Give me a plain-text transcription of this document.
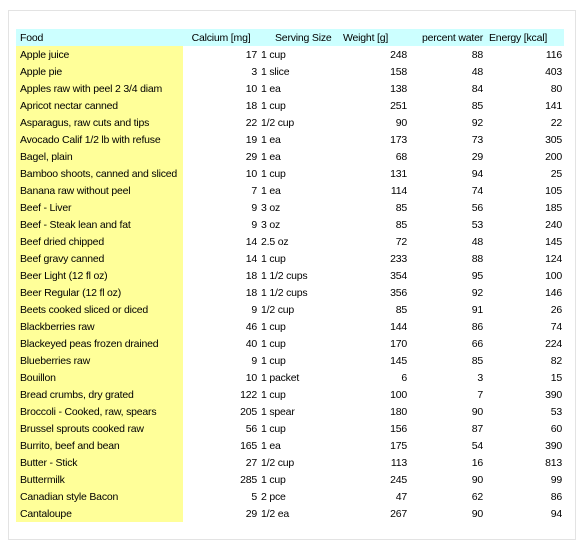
Food	Calcium [mg]	Serving Size	Weight [g]	percent water	Energy [kcal]
Apple juice	17	1 cup	248	88	116
Apple pie	3	1 slice	158	48	403
Apples raw with peel 2 3/4 diam	10	1 ea	138	84	80
Apricot nectar canned	18	1 cup	251	85	141
Asparagus, raw cuts and tips	22	1/2 cup	90	92	22
Avocado Calif 1/2 lb with refuse	19	1 ea	173	73	305
Bagel, plain	29	1 ea	68	29	200
Bamboo shoots, canned and sliced	10	1 cup	131	94	25
Banana raw without peel	7	1 ea	114	74	105
Beef - Liver	9	3 oz	85	56	185
Beef - Steak lean and fat	9	3 oz	85	53	240
Beef dried chipped	14	2.5 oz	72	48	145
Beef gravy canned	14	1 cup	233	88	124
Beer Light (12 fl oz)	18	1 1/2 cups	354	95	100
Beer Regular (12 fl oz)	18	1 1/2 cups	356	92	146
Beets cooked sliced or diced	9	1/2 cup	85	91	26
Blackberries raw	46	1 cup	144	86	74
Blackeyed peas frozen drained	40	1 cup	170	66	224
Blueberries raw	9	1 cup	145	85	82
Bouillon	10	1 packet	6	3	15
Bread crumbs, dry grated	122	1 cup	100	7	390
Broccoli - Cooked, raw, spears	205	1 spear	180	90	53
Brussel sprouts cooked raw	56	1 cup	156	87	60
Burrito, beef and bean	165	1 ea	175	54	390
Butter - Stick	27	1/2 cup	113	16	813
Buttermilk	285	1 cup	245	90	99
Canadian style Bacon	5	2 pce	47	62	86
Cantaloupe	29	1/2 ea	267	90	94
